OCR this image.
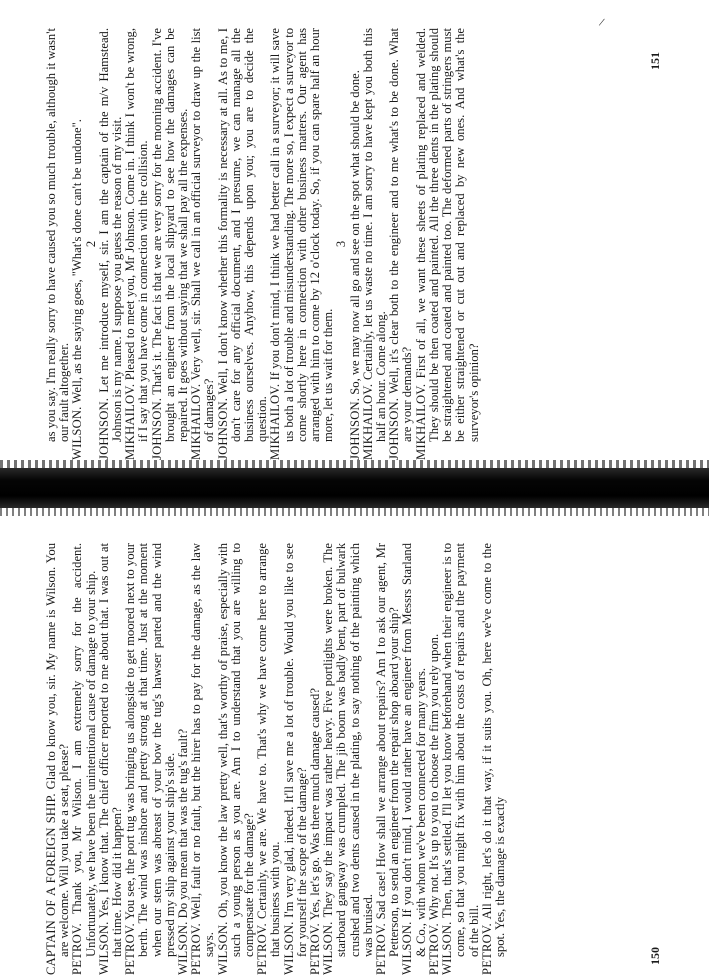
/
151
150

as you say. I'm really sorry to have caused you so much trouble, although it wasn't our fault altogether. WILSON. Well, as the saying goes, "What's done can't be undone". 2

JOHNSON. Let me introduce myself, sir. I am the captain of the m/v Hamstead. Johnson is my name. I suppose you guess the reason of my visit. MIKHAILOV. Pleased to meet you, Mr Johnson. Come in. I think I won't be wrong, if I say that you have come in connection with the collision. JOHNSON. That's it. The fact is that we are very sorry for the morning accident. I've brought an engineer from the local shipyard to see how the damages can be repaired. It goes without saying that we shall pay all the expenses. MIKHAILOV. Very well, sir. Shall we call in an official surveyor to draw up the list of damages? JOHNSON. Well, I don't know whether this formality is necessary at all. As to me, I don't care for any official document, and I presume, we can manage all the business ourselves. Anyhow, this depends upon you; you are to decide the question. MIKHAILOV. If you don't mind, I think we had better call in a surveyor; it will save us both a lot of trouble and misunderstanding. The more so, I expect a surveyor to come shortly here in connection with other business matters. Our agent has arranged with him to come by 12 o'clock today. So, if you can spare half an hour more, let us wait for them.

3

JOHNSON. So, we may now all go and see on the spot what should be done.

MIKHAILOV. Certainly, let us waste no time. I am sorry to have kept you both this half an hour. Come along. JOHNSON. Well, it's clear both to the engineer and to me what's to be done. What are your demands? MIKHAILOV. First of all, we want these sheets of plating replaced and welded. They should be then coated and painted. All the three dents in the plating should be straightened and coated and painted too. The deformed parts of stringers must be either straightened or cut out and replaced by new ones. And what's the surveyor's opinion?

CAPTAIN OF A FOREIGN SHIP. Glad to know you, sir. My name is Wilson. You are welcome. Will you take a seat, please? PETROV. Thank you, Mr Wilson. I am extremely sorry for the accident. Unfortunately, we have been the unintentional cause of damage to your ship. WILSON. Yes, I know that. The chief officer reported to me about that. I was out at that time. How did it happen? PETROV. You see, the port tug was bringing us alongside to get moored next to your berth. The wind was inshore and pretty strong at that time. Just at the moment when our stern was abreast of your bow the tug's hawser parted and the wind pressed my ship against your ship's side. WILSON. Do you mean that was the tug's fault?

PETROV. Well, fault or no fault, but the hirer has to pay for the damage, as the law says. WILSON. Oh, you know the law pretty well, that's worthy of praise, especially with such a young person as you are. Am I to understand that you are willing to compensate for the damage? PETROV. Certainly, we are. We have to. That's why we have come here to arrange that business with you. WILSON. I'm very glad, indeed. It'll save me a lot of trouble. Would you like to see for yourself the scope of the damage? PETROV. Yes, let's go. Was there much damage caused?

WILSON. They say the impact was rather heavy. Five portlights were broken. The starboard gangway was crumpled. The jib boom was badly bent, part of bulwark crushed and two dents caused in the plating, to say nothing of the painting which was bruised. PETROV. Sad case! How shall we arrange about repairs? Am I to ask our agent, Mr Petterson, to send an engineer from the repair shop aboard your ship? WILSON. If you don't mind, I would rather have an engineer from Messrs Starland & Co., with whom we've been connected for many years. PETROV. Why not. It's up to you to choose the firm you rely upon.

WILSON. Then, that's settled. I'll let you know beforehand when their engineer is to come, so that you might fix with him about the costs of repairs and the payment of the bill. PETROV. All right, let's do it that way, if it suits you. Oh, here we've come to the spot. Yes, the damage is exactly
